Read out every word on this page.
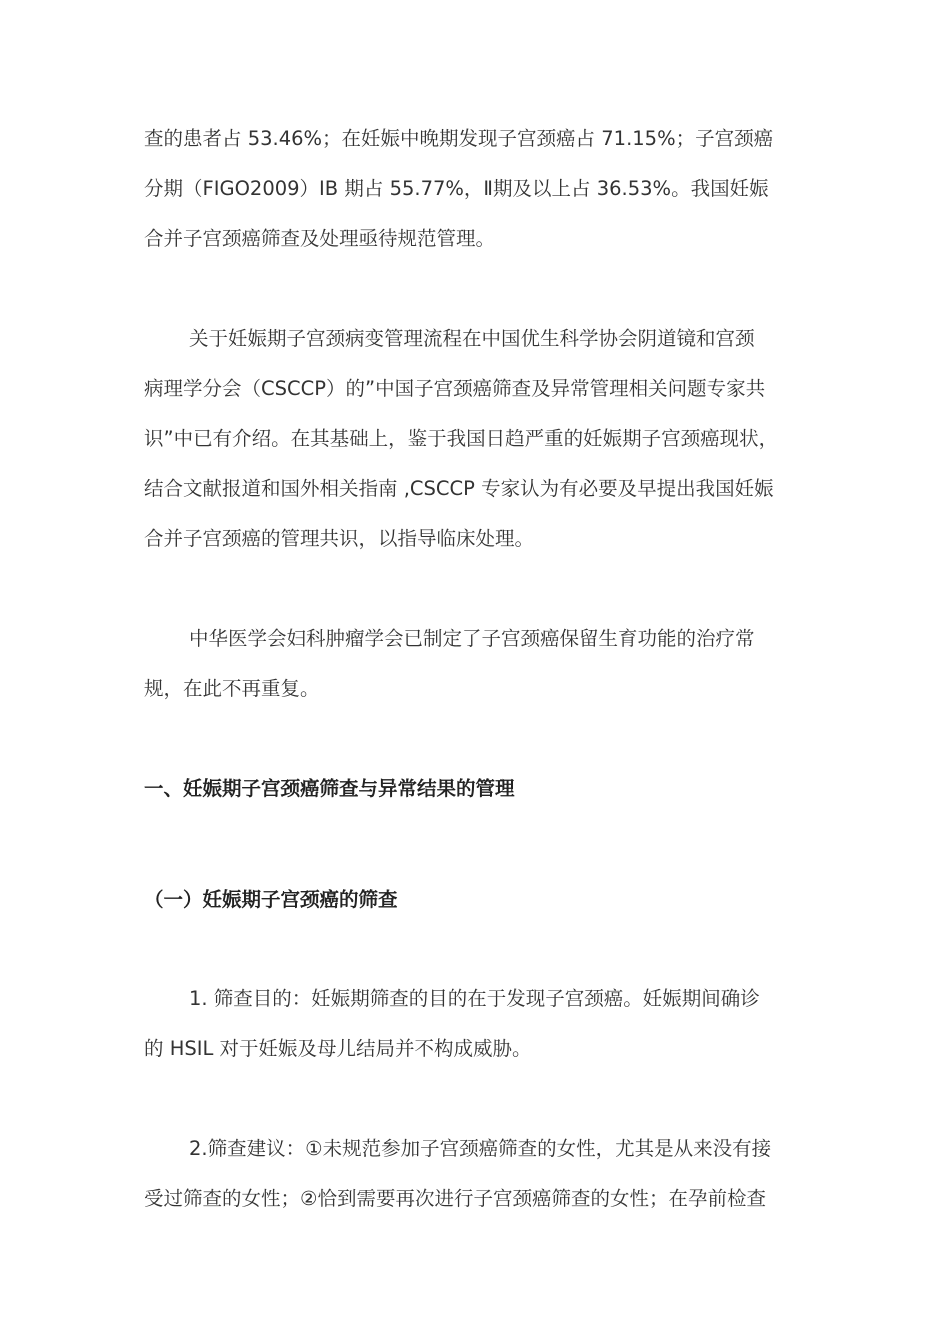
查的患者占 53.46%；在妊娠中晚期发现子宫颈癌占 71.15%；子宫颈癌
分期（FIGO2009）IB 期占 55.77%，Ⅱ期及以上占 36.53%。我国妊娠
合并子宫颈癌筛查及处理亟待规范管理。
关于妊娠期子宫颈病变管理流程在中国优生科学协会阴道镜和宫颈
病理学分会（CSCCP）的”中国子宫颈癌筛查及异常管理相关问题专家共
识”中已有介绍。在其基础上，鉴于我国日趋严重的妊娠期子宫颈癌现状，
结合文献报道和国外相关指南 ,CSCCP 专家认为有必要及早提出我国妊娠
合并子宫颈癌的管理共识，以指导临床处理。
中华医学会妇科肿瘤学会已制定了子宫颈癌保留生育功能的治疗常
规，在此不再重复。
一、妊娠期子宫颈癌筛查与异常结果的管理
（一）妊娠期子宫颈癌的筛查
1. 筛查目的：妊娠期筛查的目的在于发现子宫颈癌。妊娠期间确诊
的 HSIL 对于妊娠及母儿结局并不构成威胁。
2.筛查建议：①未规范参加子宫颈癌筛查的女性，尤其是从来没有接
受过筛查的女性；②恰到需要再次进行子宫颈癌筛查的女性；在孕前检查
